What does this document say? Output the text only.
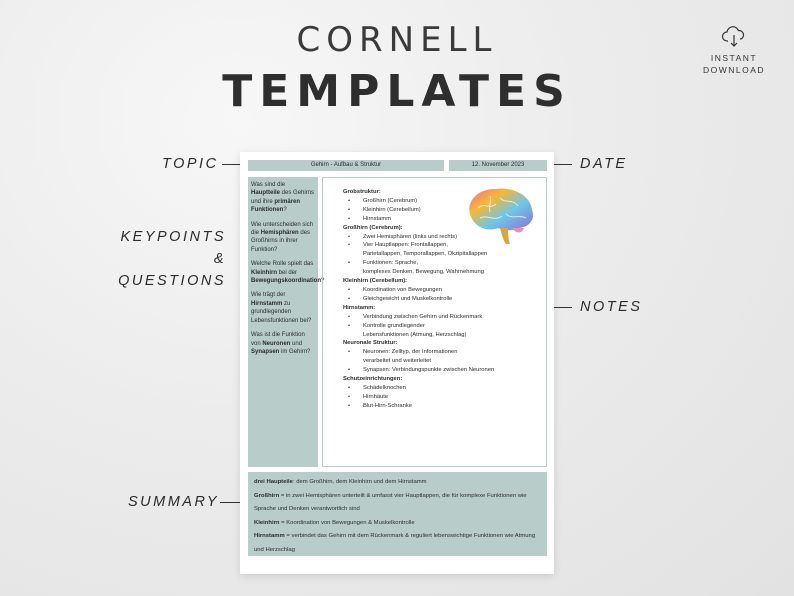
CORNELL
TEMPLATES
INSTANT
DOWNLOAD
TOPIC	DATE
KEYPOINTS
& QUESTIONS
NOTES
SUMMARY
Gehirn - Aufbau & Struktur	12. November 2023

Was sind die Hauptteile des Gehirns und ihre primären Funktionen?

Wie unterscheiden sich die Hemisphären des Großhirns in ihrer Funktion?

Welche Rolle spielt das Kleinhirn bei der Bewegungskoordination?

Wie trägt der Hirnstamm zu grundlegenden Lebensfunktionen bei?

Was ist die Funktion von Neuronen und Synapsen im Gehirn?

Grobstruktur:
• Großhirn (Cerebrum)
• Kleinhirn (Cerebellum)
• Hirnstamm
Großhirn (Cerebrum):
• Zwei Hemisphären (links und rechts)
• Vier Hauptlappen: Frontallappen,
Parietallappen, Temporallappen, Okzipitallappen
• Funktionen: Sprache,
komplexes Denken, Bewegung, Wahrnehmung
Kleinhirn (Cerebellum):
• Koordination von Bewegungen
• Gleichgewicht und Muskelkontrolle
Hirnstamm:
• Verbindung zwischen Gehirn und Rückenmark
• Kontrolle grundlegender
Lebensfunktionen (Atmung, Herzschlag)
Neuronale Struktur:
• Neuronen: Zelltyp, der Informationen
verarbeitet und weiterleitet
• Synapsen: Verbindungspunkte zwischen Neuronen
Schutzeinrichtungen:
• Schädelknochen
• Hirnhäute
• Blut-Hirn-Schranke
drei Haupteile: dem Großhirn, dem Kleinhirn und dem Hirnstamm
Großhirn = in zwei Hemisphären unterteilt & umfasst vier Hauptlappen, die für komplexe Funktionen wie Sprache und Denken verantwortlich sind
Kleinhirn = Koordination von Bewegungen & Muskelkontrolle
Hirnstamm = verbindet das Gehirn mit dem Rückenmark & reguliert lebenswichtige Funktionen wie Atmung und Herzschlag
